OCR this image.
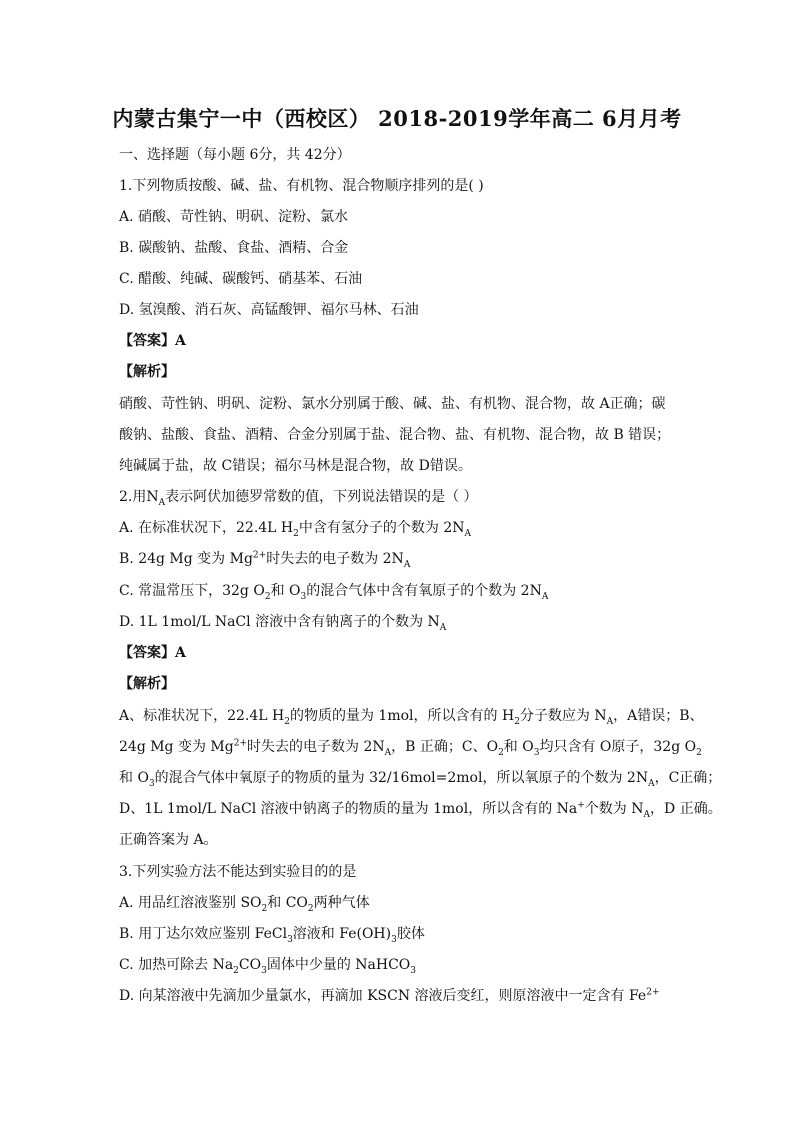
内蒙古集宁一中（西校区） 2018-2019学年高二 6月月考
一、选择题（每小题 6分，共 42分）
1.下列物质按酸、碱、盐、有机物、混合物顺序排列的是( )
A. 硝酸、苛性钠、明矾、淀粉、氯水
B. 碳酸钠、盐酸、食盐、酒精、合金
C. 醋酸、纯碱、碳酸钙、硝基苯、石油
D. 氢溴酸、消石灰、高锰酸钾、福尔马林、石油
【答案】A
【解析】
硝酸、苛性钠、明矾、淀粉、氯水分别属于酸、碱、盐、有机物、混合物，故 A正确；碳
酸钠、盐酸、食盐、酒精、合金分别属于盐、混合物、盐、有机物、混合物，故 B 错误；
纯碱属于盐，故 C错误；福尔马林是混合物，故 D错误。
2.用$N_A$表示阿伏加德罗常数的值，下列说法错误的是（ ）
A. 在标准状况下，22.4L $H_2$中含有氢分子的个数为 $2N_A$
B. 24g Mg 变为 $Mg^{2+}$时失去的电子数为 $2N_A$
C. 常温常压下，32g $O_2$和 $O_3$的混合气体中含有氧原子的个数为 $2N_A$
D. 1L 1mol/L NaCl 溶液中含有钠离子的个数为 $N_A$
【答案】A
【解析】
A、标准状况下，22.4L $H_2$的物质的量为 1mol，所以含有的 $H_2$分子数应为 $N_A$，A错误；B、
24g Mg 变为 $Mg^{2+}$时失去的电子数为 $2N_A$，B 正确；C、$O_2$和 $O_3$均只含有 O原子，32g $O_2$
和 $O_3$的混合气体中氧原子的物质的量为 32/16mol=2mol，所以氧原子的个数为 $2N_A$，C正确；
D、1L 1mol/L NaCl 溶液中钠离子的物质的量为 1mol，所以含有的 Na+个数为 $N_A$，D 正确。
正确答案为 A。
3.下列实验方法不能达到实验目的的是
A. 用品红溶液鉴别 $SO_2$和 $CO_2$两种气体
B. 用丁达尔效应鉴别 FeCl$_3$溶液和 $Fe(OH)_3$胶体
C. 加热可除去 $Na_2CO_3$固体中少量的 NaHCO$_3$
D. 向某溶液中先滴加少量氯水，再滴加 KSCN 溶液后变红，则原溶液中一定含有 $Fe^{2+}$
